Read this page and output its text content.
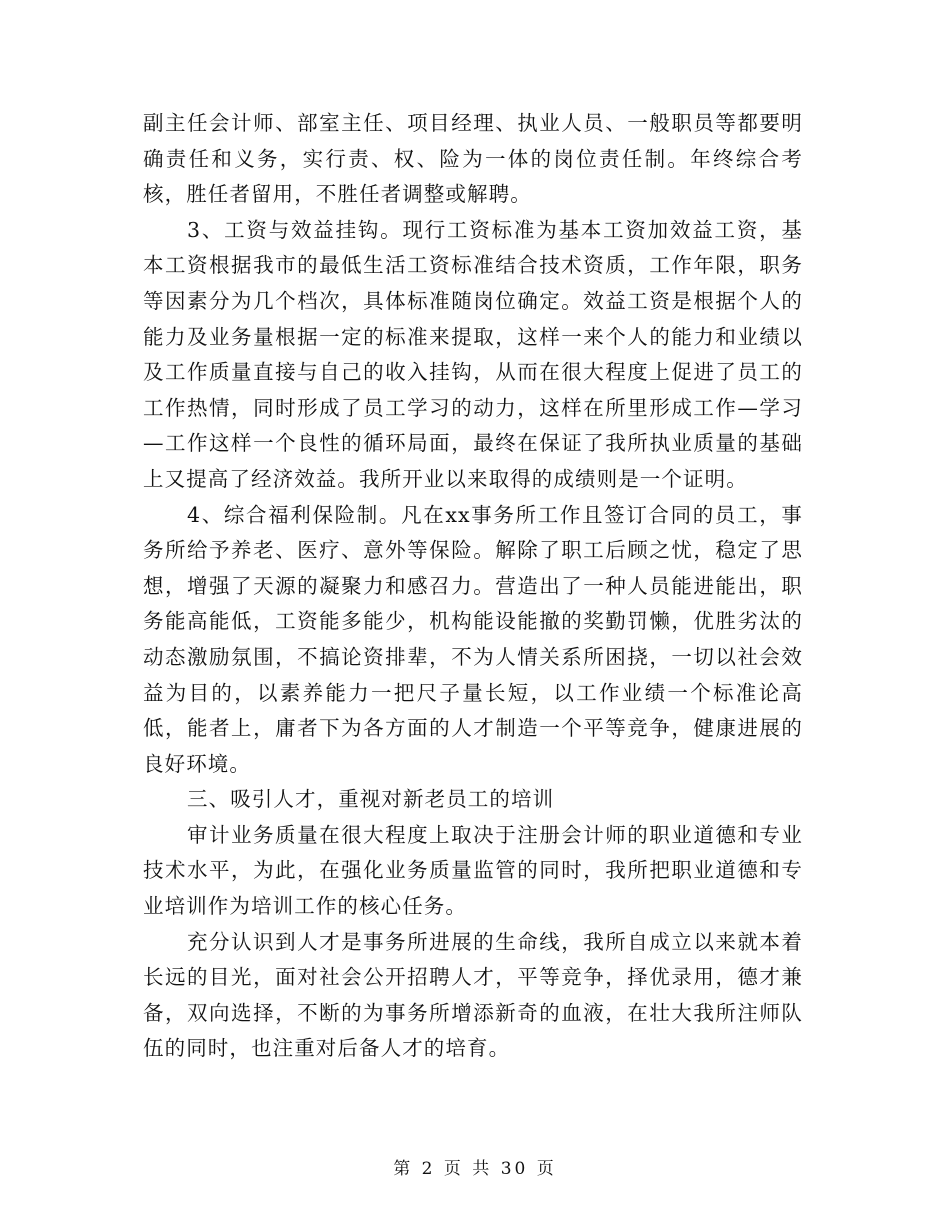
副主任会计师、部室主任、项目经理、执业人员、一般职员等都要明确责任和义务，实行责、权、险为一体的岗位责任制。年终综合考核，胜任者留用，不胜任者调整或解聘。

3、工资与效益挂钩。现行工资标准为基本工资加效益工资，基本工资根据我市的最低生活工资标准结合技术资质，工作年限，职务等因素分为几个档次，具体标准随岗位确定。效益工资是根据个人的能力及业务量根据一定的标准来提取，这样一来个人的能力和业绩以及工作质量直接与自己的收入挂钩，从而在很大程度上促进了员工的工作热情，同时形成了员工学习的动力，这样在所里形成工作—学习—工作这样一个良性的循环局面，最终在保证了我所执业质量的基础上又提高了经济效益。我所开业以来取得的成绩则是一个证明。

4、综合福利保险制。凡在xx事务所工作且签订合同的员工，事务所给予养老、医疗、意外等保险。解除了职工后顾之忧，稳定了思想，增强了天源的凝聚力和感召力。营造出了一种人员能进能出，职务能高能低，工资能多能少，机构能设能撤的奖勤罚懒，优胜劣汰的动态激励氛围，不搞论资排辈，不为人情关系所困挠，一切以社会效益为目的，以素养能力一把尺子量长短，以工作业绩一个标准论高低，能者上，庸者下为各方面的人才制造一个平等竞争，健康进展的良好环境。

三、吸引人才，重视对新老员工的培训

审计业务质量在很大程度上取决于注册会计师的职业道德和专业技术水平，为此，在强化业务质量监管的同时，我所把职业道德和专业培训作为培训工作的核心任务。

充分认识到人才是事务所进展的生命线，我所自成立以来就本着长远的目光，面对社会公开招聘人才，平等竞争，择优录用，德才兼备，双向选择，不断的为事务所增添新奇的血液，在壮大我所注师队伍的同时，也注重对后备人才的培育。

第 2 页 共 30 页
